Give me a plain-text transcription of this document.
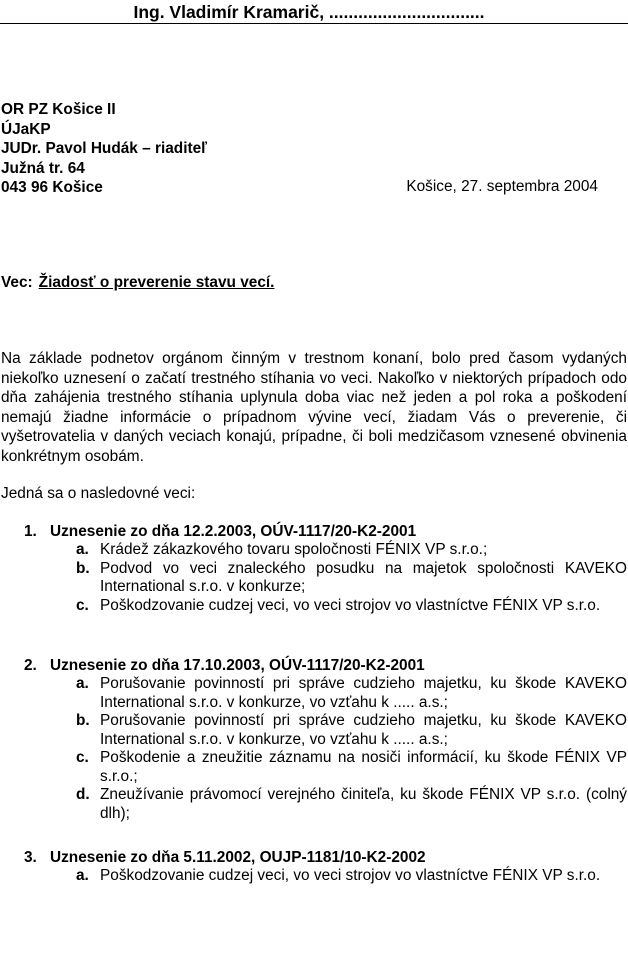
Ing. Vladimír Kramarič, ................................
OR PZ Košice II
ÚJaKP
JUDr. Pavol Hudák – riaditeľ
Južná tr. 64
043 96 Košice	Košice, 27. septembra 2004
Vec: Žiadosť o preverenie stavu vecí.
Na základe podnetov orgánom činným v trestnom konaní, bolo pred časom vydaných niekoľko uznesení o začatí trestného stíhania vo veci. Nakoľko v niektorých prípadoch odo dňa zahájenia trestného stíhania uplynula doba viac než jeden a pol roka a poškodení nemajú žiadne informácie o prípadnom vývine vecí, žiadam Vás o preverenie, či vyšetrovatelia v daných veciach konajú, prípadne, či boli medzičasom vznesené obvinenia konkrétnym osobám.
Jedná sa o nasledovné veci:
1. Uznesenie zo dňa 12.2.2003, OÚV-1117/20-K2-2001
a. Krádež zákazkového tovaru spoločnosti FÉNIX VP s.r.o.;
b. Podvod vo veci znaleckého posudku na majetok spoločnosti KAVEKO International s.r.o. v konkurze;
c. Poškodzovanie cudzej veci, vo veci strojov vo vlastníctve FÉNIX VP s.r.o.
2. Uznesenie zo dňa 17.10.2003, OÚV-1117/20-K2-2001
a. Porušovanie povinností pri správe cudzieho majetku, ku škode KAVEKO International s.r.o. v konkurze, vo vzťahu k ..... a.s.;
b. Porušovanie povinností pri správe cudzieho majetku, ku škode KAVEKO International s.r.o. v konkurze, vo vzťahu k ..... a.s.;
c. Poškodenie a zneužitie záznamu na nosiči informácií, ku škode FÉNIX VP s.r.o.;
d. Zneužívanie právomocí verejného činiteľa, ku škode FÉNIX VP s.r.o. (colný dlh);
3. Uznesenie zo dňa 5.11.2002, OUJP-1181/10-K2-2002
a. Poškodzovanie cudzej veci, vo veci strojov vo vlastníctve FÉNIX VP s.r.o.
